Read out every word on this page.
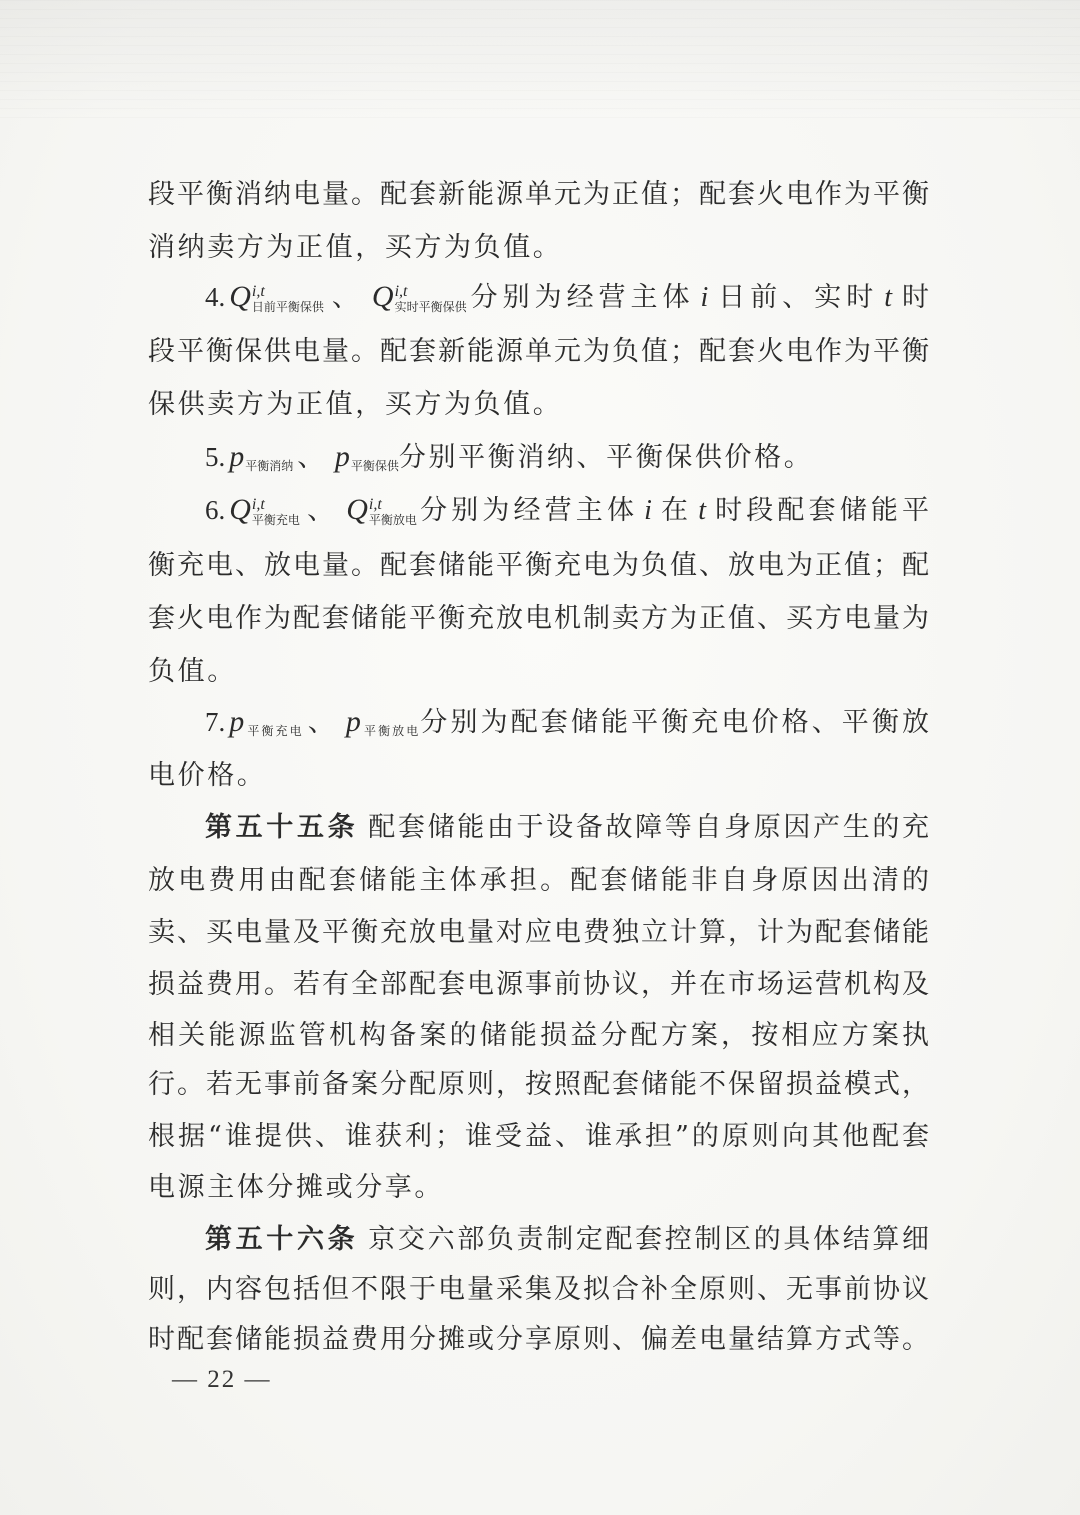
段平衡消纳电量。配套新能源单元为正值；配套火电作为平衡
消纳卖方为正值，买方为负值。
4. Q i,t
日前平衡保供 、 Q i,t
实时平衡保供 分别为经营主体 i 日前、实时 t 时
段平衡保供电量。配套新能源单元为负值；配套火电作为平衡
保供卖方为正值，买方为负值。
5. p平衡消纳 、 p平衡保供分别平衡消纳、平衡保供价格。
6. Q i,t
平衡充电 、 Q i,t
平衡放电 分别为经营主体 i 在 t 时段配套储能平
衡充电、放电量。配套储能平衡充电为负值、放电为正值；配
套火电作为配套储能平衡充放电机制卖方为正值、买方电量为
负值。
7. p平衡充电 、 p平衡放电分别为配套储能平衡充电价格、平衡放
电价格。
第五十五条 配套储能由于设备故障等自身原因产生的充
放电费用由配套储能主体承担。配套储能非自身原因出清的
卖、买电量及平衡充放电量对应电费独立计算，计为配套储能
损益费用。若有全部配套电源事前协议，并在市场运营机构及
相关能源监管机构备案的储能损益分配方案，按相应方案执
行。若无事前备案分配原则，按照配套储能不保留损益模式，
根据“谁提供、谁获利；谁受益、谁承担”的原则向其他配套
电源主体分摊或分享。
第五十六条 京交六部负责制定配套控制区的具体结算细
则，内容包括但不限于电量采集及拟合补全原则、无事前协议
时配套储能损益费用分摊或分享原则、偏差电量结算方式等。
— 22 —
